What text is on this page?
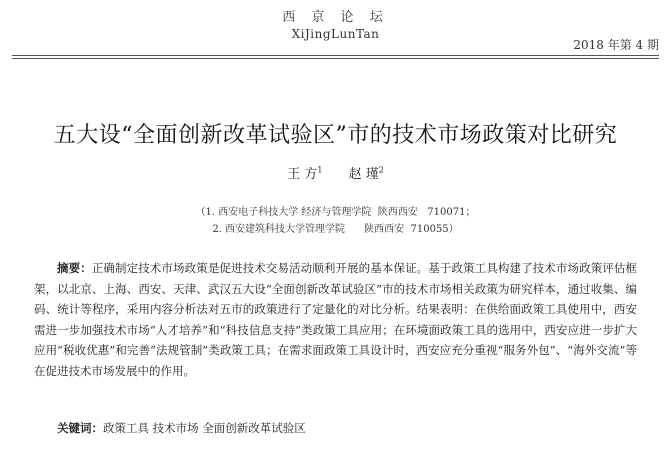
西 京 论 坛
XiJingLunTan
2018 年第 4 期
五大设“全面创新改革试验区”市的技术市场政策对比研究
王 方$^1$ 赵 瑾$^2$
（1. 西安电子科技大学 经济与管理学院  陕西西安   710071；
2. 西安建筑科技大学管理学院      陕西西安  710055）
摘要：正确制定技术市场政策是促进技术交易活动顺利开展的基本保证。基于政策工具构建了技术市场政策评估框架，以北京、上海、西安、天津、武汉五大设“全面创新改革试验区”市的技术市场相关政策为研究样本，通过收集、编码、统计等程序，采用内容分析法对五市的政策进行了定量化的对比分析。结果表明：在供给面政策工具使用中，西安需进一步加强技术市场“人才培养”和“科技信息支持”类政策工具应用；在环境面政策工具的选用中，西安应进一步扩大应用“税收优惠”和完善“法规管制”类政策工具；在需求面政策工具设计时，西安应充分重视“服务外包”、“海外交流”等在促进技术市场发展中的作用。
关键词：政策工具 技术市场 全面创新改革试验区
